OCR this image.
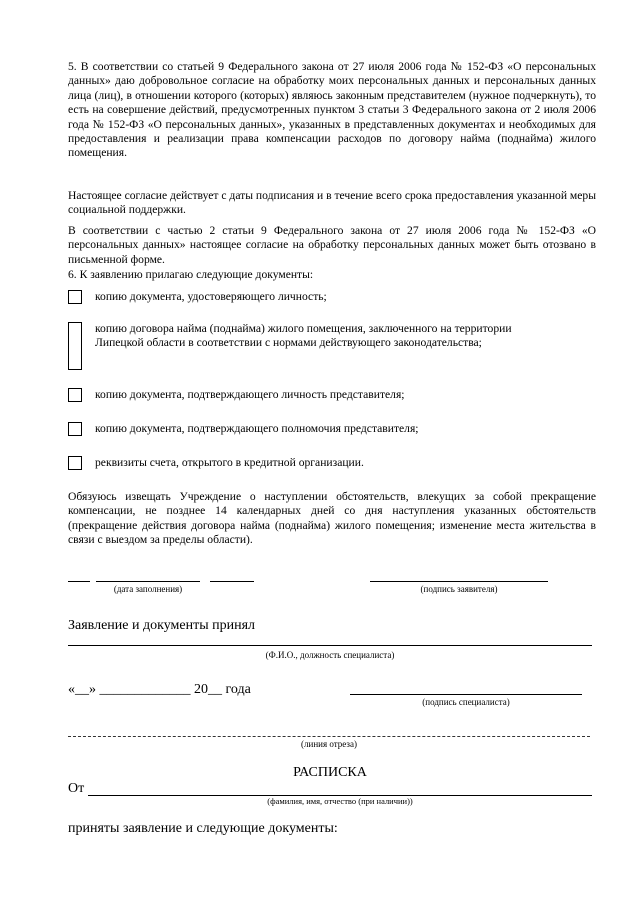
5. В соответствии со статьей 9 Федерального закона от 27 июля 2006 года № 152-ФЗ «О персональных данных» даю добровольное согласие на обработку моих персональных данных и персональных данных лица (лиц), в отношении которого (которых) являюсь законным представителем (нужное подчеркнуть), то есть на совершение действий, предусмотренных пунктом 3 статьи 3 Федерального закона от 2 июля 2006 года № 152-ФЗ «О персональных данных», указанных в представленных документах и необходимых для предоставления и реализации права компенсации расходов по договору найма (поднайма) жилого помещения.
Настоящее согласие действует с даты подписания и в течение всего срока предоставления указанной меры социальной поддержки.
В соответствии с частью 2 статьи 9 Федерального закона от 27 июля 2006 года № 152-ФЗ «О персональных данных» настоящее согласие на обработку персональных данных может быть отозвано в письменной форме.
6. К заявлению прилагаю следующие документы:
копию документа, удостоверяющего личность;
копию договора найма (поднайма) жилого помещения, заключенного на территории Липецкой области в соответствии с нормами действующего законодательства;
копию документа, подтверждающего личность представителя;
копию документа, подтверждающего полномочия представителя;
реквизиты счета, открытого в кредитной организации.
Обязуюсь извещать Учреждение о наступлении обстоятельств, влекущих за собой прекращение компенсации, не позднее 14 календарных дней со дня наступления указанных обстоятельств (прекращение действия договора найма (поднайма) жилого помещения; изменение места жительства в связи с выездом за пределы области).
(дата заполнения)	(подпись заявителя)
Заявление и документы принял
(Ф.И.О., должность специалиста)
«__» _____________ 20__ года
(подпись специалиста)
(линия отреза)
РАСПИСКА
От
(фамилия, имя, отчество (при наличии))
приняты заявление и следующие документы:
